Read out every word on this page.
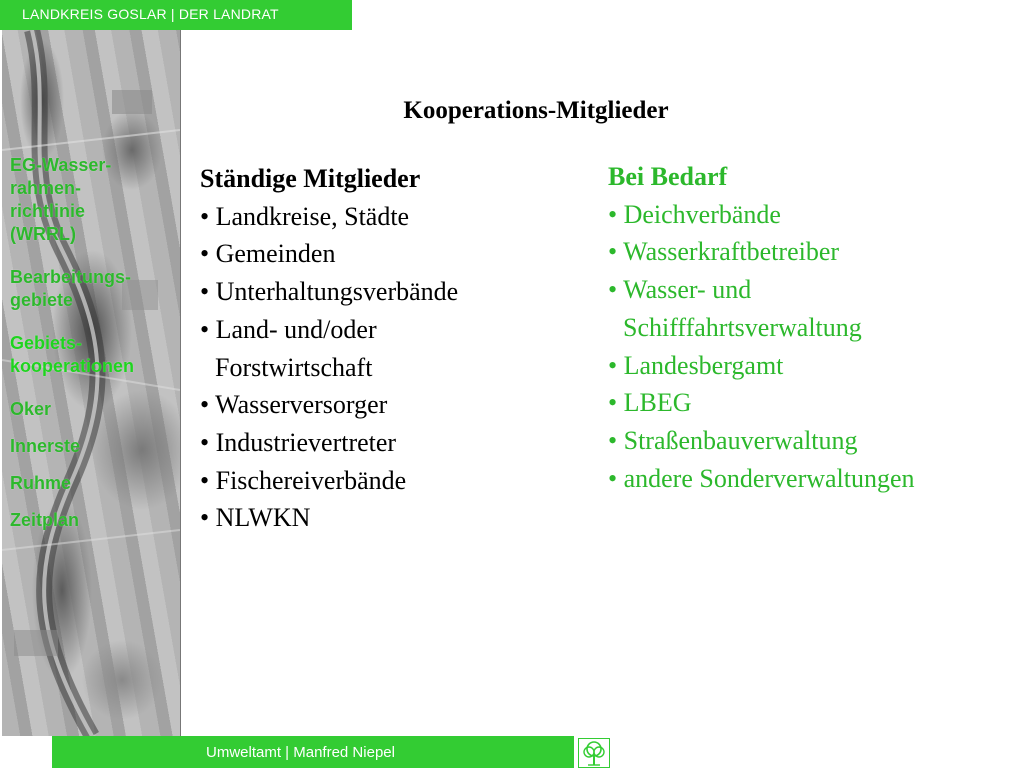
LANDKREIS GOSLAR | DER LANDRAT
EG-Wasser-
rahmen-
richtlinie
(WRRL)
Bearbeitungs-
gebiete
Gebiets-
kooperationen
Oker
Innerste
Ruhme
Zeitplan
Kooperations-Mitglieder
Ständige Mitglieder
• Landkreise, Städte
• Gemeinden
• Unterhaltungsverbände
• Land- und/oder
Forstwirtschaft
• Wasserversorger
• Industrievertreter
• Fischereiverbände
• NLWKN
Bei Bedarf
• Deichverbände
• Wasserkraftbetreiber
• Wasser- und
Schifffahrtsverwaltung
• Landesbergamt
• LBEG
• Straßenbauverwaltung
• andere Sonderverwaltungen
Umweltamt | Manfred Niepel
